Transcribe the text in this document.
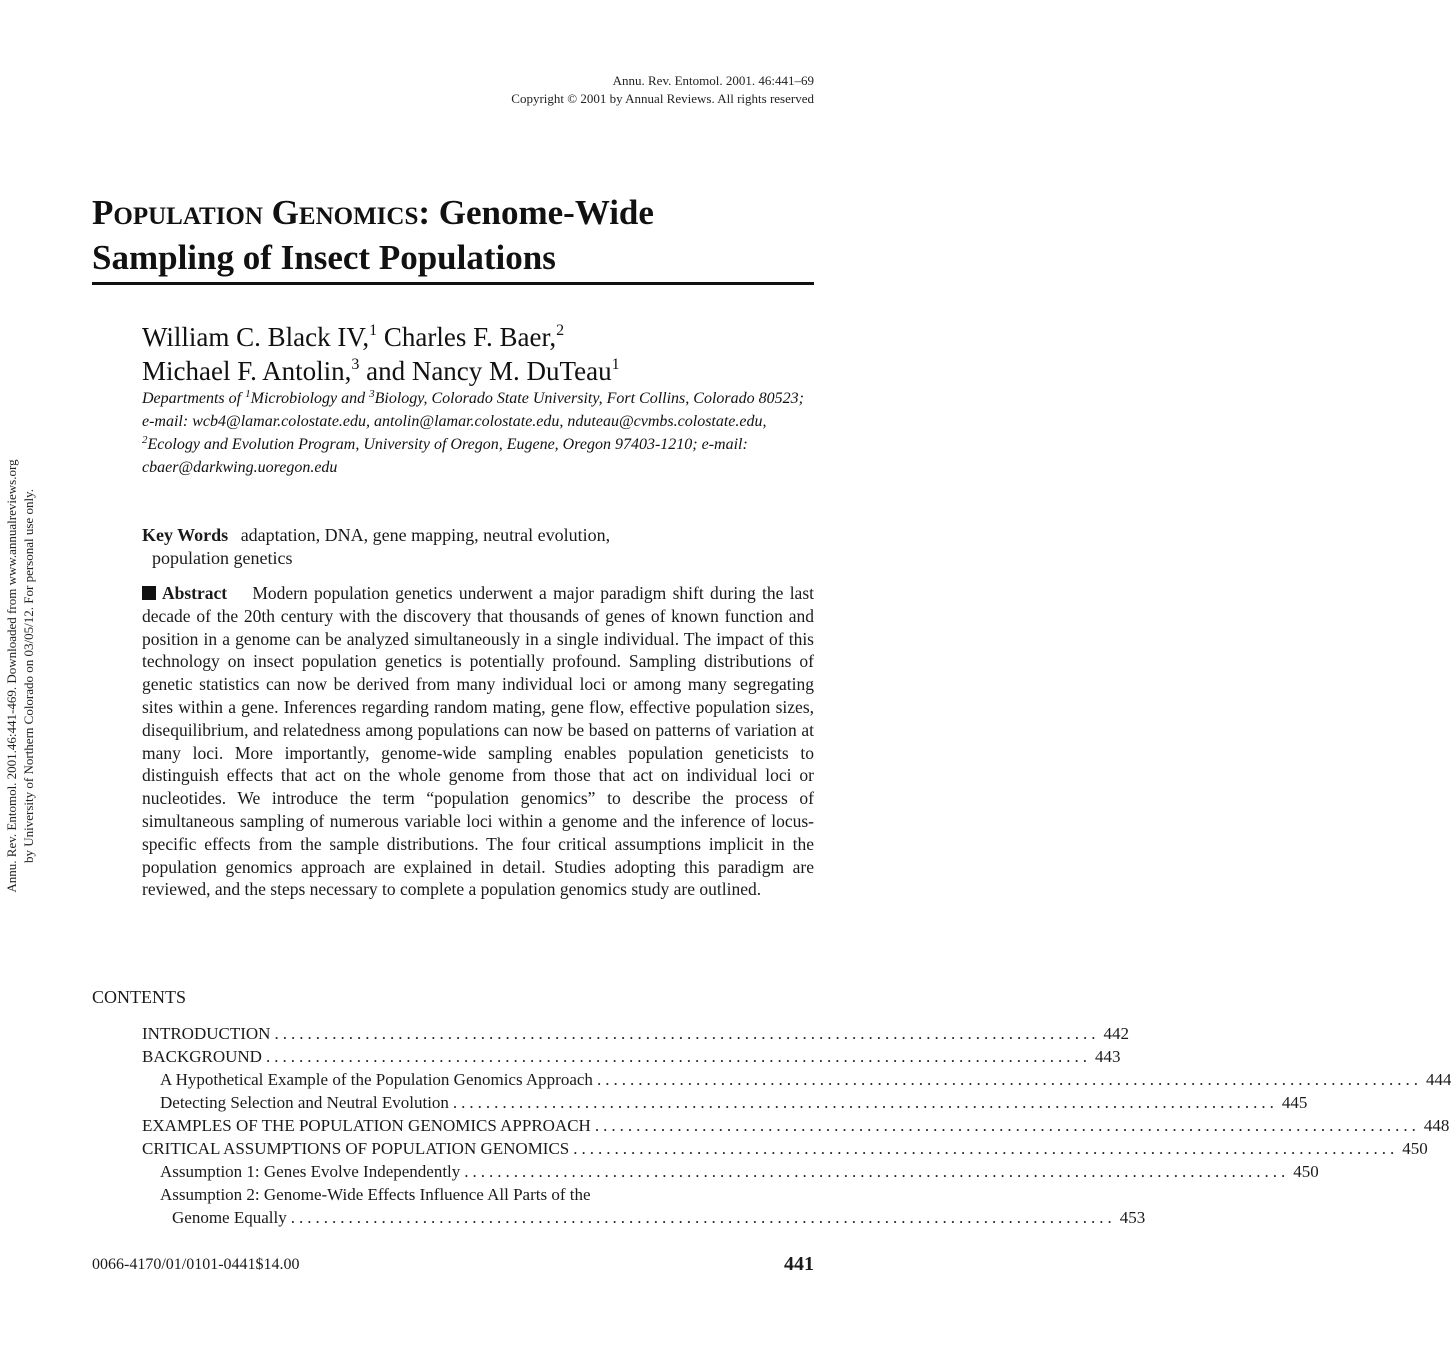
Annu. Rev. Entomol. 2001.46:441-469. Downloaded from www.annualreviews.org by University of Northern Colorado on 03/05/12. For personal use only.
Annu. Rev. Entomol. 2001. 46:441–69
Copyright © 2001 by Annual Reviews. All rights reserved
Population Genomics: Genome-Wide
Sampling of Insect Populations
William C. Black IV,$^1$ Charles F. Baer,$^2$
Michael F. Antolin,$^3$ and Nancy M. DuTeau$^1$
Departments of $^1$Microbiology and $^3$Biology, Colorado State University, Fort Collins, Colorado 80523; e-mail: wcb4@lamar.colostate.edu, antolin@lamar.colostate.edu, nduteau@cvmbs.colostate.edu, $^2$Ecology and Evolution Program, University of Oregon, Eugene, Oregon 97403-1210; e-mail: cbaer@darkwing.uoregon.edu
Key Words adaptation, DNA, gene mapping, neutral evolution,
population genetics
Abstract Modern population genetics underwent a major paradigm shift during the last decade of the 20th century with the discovery that thousands of genes of known function and position in a genome can be analyzed simultaneously in a single individual. The impact of this technology on insect population genetics is potentially profound. Sampling distributions of genetic statistics can now be derived from many individual loci or among many segregating sites within a gene. Inferences regarding random mating, gene flow, effective population sizes, disequilibrium, and relatedness among populations can now be based on patterns of variation at many loci. More importantly, genome-wide sampling enables population geneticists to distinguish effects that act on the whole genome from those that act on individual loci or nucleotides. We introduce the term “population genomics” to describe the process of simultaneous sampling of numerous variable loci within a genome and the inference of locus-specific effects from the sample distributions. The four critical assumptions implicit in the population genomics approach are explained in detail. Studies adopting this paradigm are reviewed, and the steps necessary to complete a population genomics study are outlined.
CONTENTS
INTRODUCTION .................................................................................................... 442
BACKGROUND .................................................................................................... 443
A Hypothetical Example of the Population Genomics Approach .................................................................................................... 444
Detecting Selection and Neutral Evolution .................................................................................................... 445
EXAMPLES OF THE POPULATION GENOMICS APPROACH .................................................................................................... 448
CRITICAL ASSUMPTIONS OF POPULATION GENOMICS .................................................................................................... 450
Assumption 1: Genes Evolve Independently .................................................................................................... 450
Assumption 2: Genome-Wide Effects Influence All Parts of the
Genome Equally .................................................................................................... 453
0066-4170/01/0101-0441$14.00	441
